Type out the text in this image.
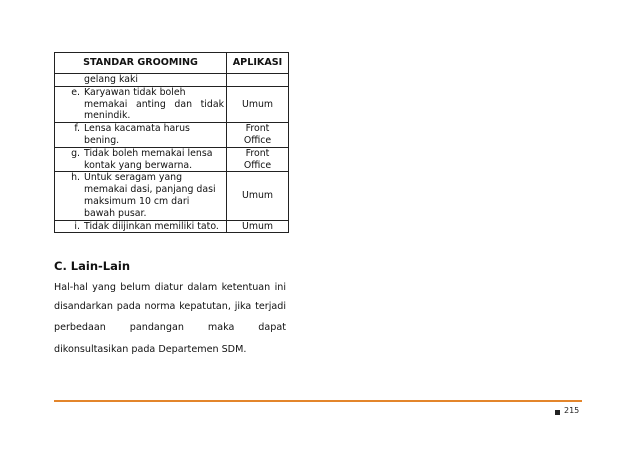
STANDAR GROOMING	APLIKASI

gelang kaki	

e. Karyawan tidak boleh
memakai anting dan tidak
menindik.	Umum

f. Lensa kacamata harus
bening.	Front Office

g. Tidak boleh memakai lensa
kontak yang berwarna.	Front Office

h. Untuk seragam yang
memakai dasi, panjang dasi
maksimum 10 cm dari
bawah pusar.	Umum

i. Tidak diijinkan memiliki tato.	Umum
C. Lain-Lain
Hal-hal yang belum diatur dalam ketentuan ini
disandarkan pada norma kepatutan, jika terjadi
perbedaan pandangan maka dapat
dikonsultasikan pada Departemen SDM.
215
